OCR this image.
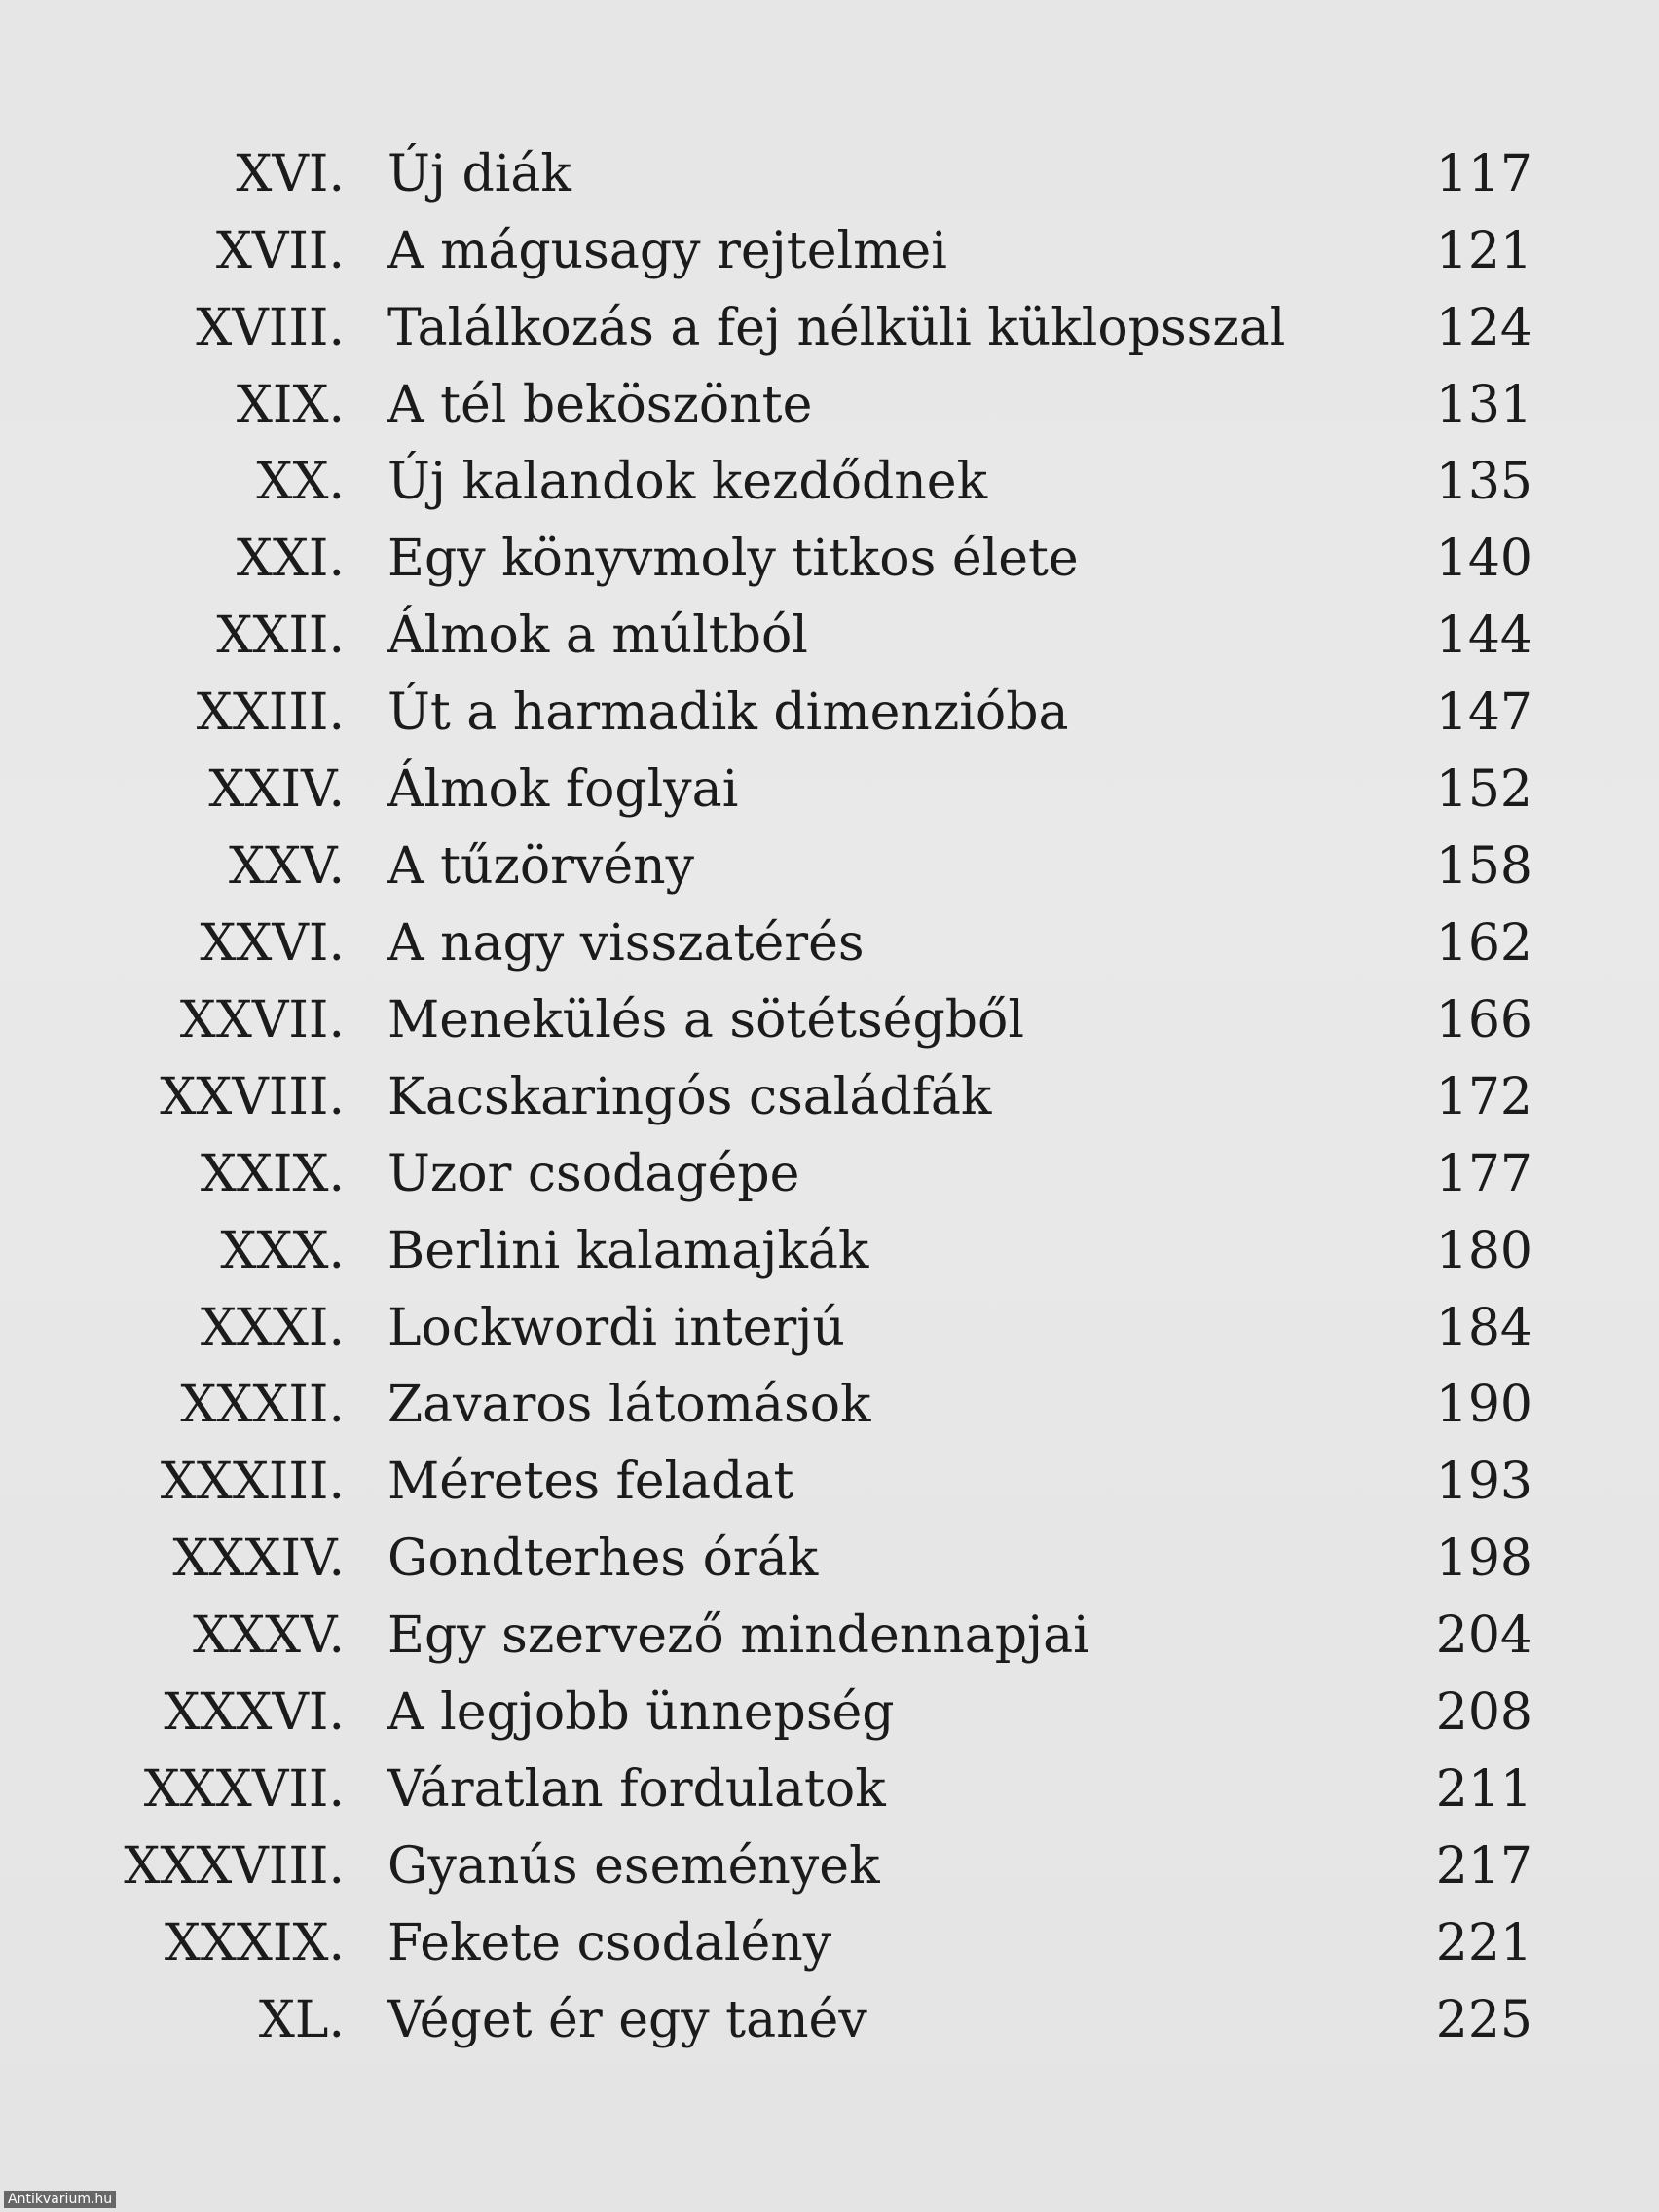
XVI. Új diák	117
XVII. A mágusagy rejtelmei	121
XVIII. Találkozás a fej nélküli küklopsszal	124
XIX. A tél beköszönte	131
XX. Új kalandok kezdődnek	135
XXI. Egy könyvmoly titkos élete	140
XXII. Álmok a múltból	144
XXIII. Út a harmadik dimenzióba	147
XXIV. Álmok foglyai	152
XXV. A tűzörvény	158
XXVI. A nagy visszatérés	162
XXVII. Menekülés a sötétségből	166
XXVIII. Kacskaringós családfák	172
XXIX. Uzor csodagépe	177
XXX. Berlini kalamajkák	180
XXXI. Lockwordi interjú	184
XXXII. Zavaros látomások	190
XXXIII. Méretes feladat	193
XXXIV. Gondterhes órák	198
XXXV. Egy szervező mindennapjai	204
XXXVI. A legjobb ünnepség	208
XXXVII. Váratlan fordulatok	211
XXXVIII. Gyanús események	217
XXXIX. Fekete csodalény	221
XL. Véget ér egy tanév	225
Antikvarium.hu
